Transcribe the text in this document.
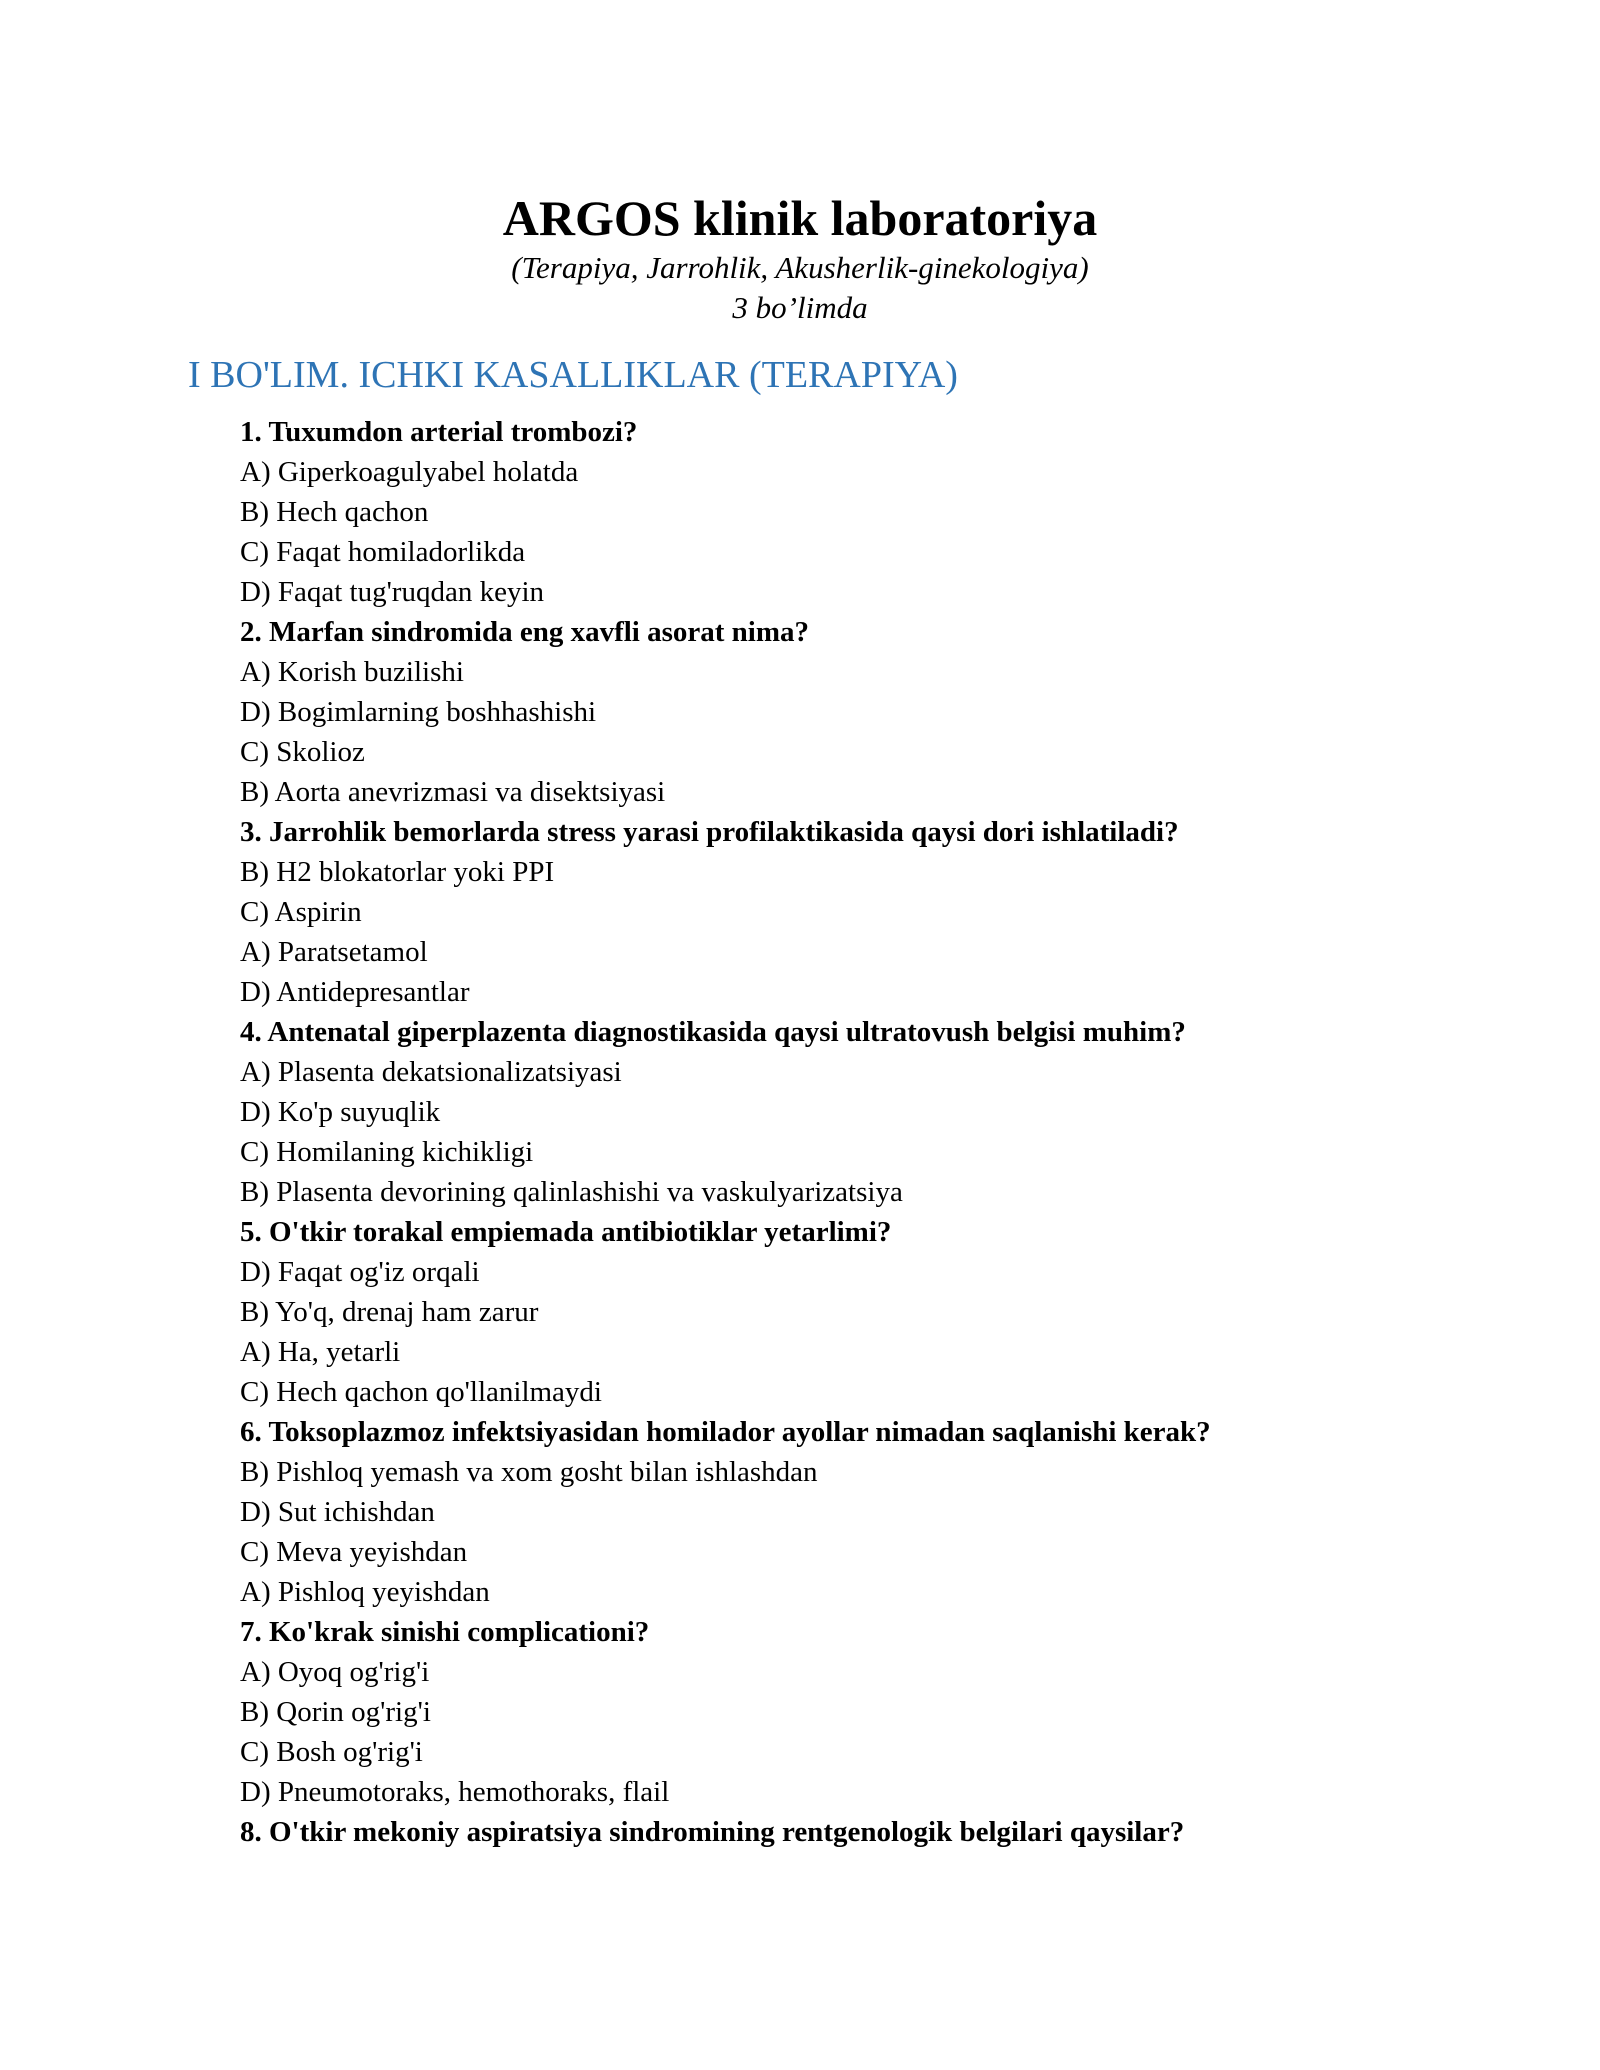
ARGOS klinik laboratoriya
(Terapiya, Jarrohlik, Akusherlik-ginekologiya)
3 bo’limda
I BO'LIM. ICHKI KASALLIKLAR (TERAPIYA)
1. Tuxumdon arterial trombozi?
A) Giperkoagulyabel holatda
B) Hech qachon
C) Faqat homiladorlikda
D) Faqat tug'ruqdan keyin
2. Marfan sindromida eng xavfli asorat nima?
A) Korish buzilishi
D) Bogimlarning boshhashishi
C) Skolioz
B) Aorta anevrizmasi va disektsiyasi
3. Jarrohlik bemorlarda stress yarasi profilaktikasida qaysi dori ishlatiladi?
B) H2 blokatorlar yoki PPI
C) Aspirin
A) Paratsetamol
D) Antidepresantlar
4. Antenatal giperplazenta diagnostikasida qaysi ultratovush belgisi muhim?
A) Plasenta dekatsionalizatsiyasi
D) Ko'p suyuqlik
C) Homilaning kichikligi
B) Plasenta devorining qalinlashishi va vaskulyarizatsiya
5. O'tkir torakal empiemada antibiotiklar yetarlimi?
D) Faqat og'iz orqali
B) Yo'q, drenaj ham zarur
A) Ha, yetarli
C) Hech qachon qo'llanilmaydi
6. Toksoplazmoz infektsiyasidan homilador ayollar nimadan saqlanishi kerak?
B) Pishloq yemash va xom gosht bilan ishlashdan
D) Sut ichishdan
C) Meva yeyishdan
A) Pishloq yeyishdan
7. Ko'krak sinishi complicationi?
A) Oyoq og'rig'i
B) Qorin og'rig'i
C) Bosh og'rig'i
D) Pneumotoraks, hemothoraks, flail
8. O'tkir mekoniy aspiratsiya sindromining rentgenologik belgilari qaysilar?
